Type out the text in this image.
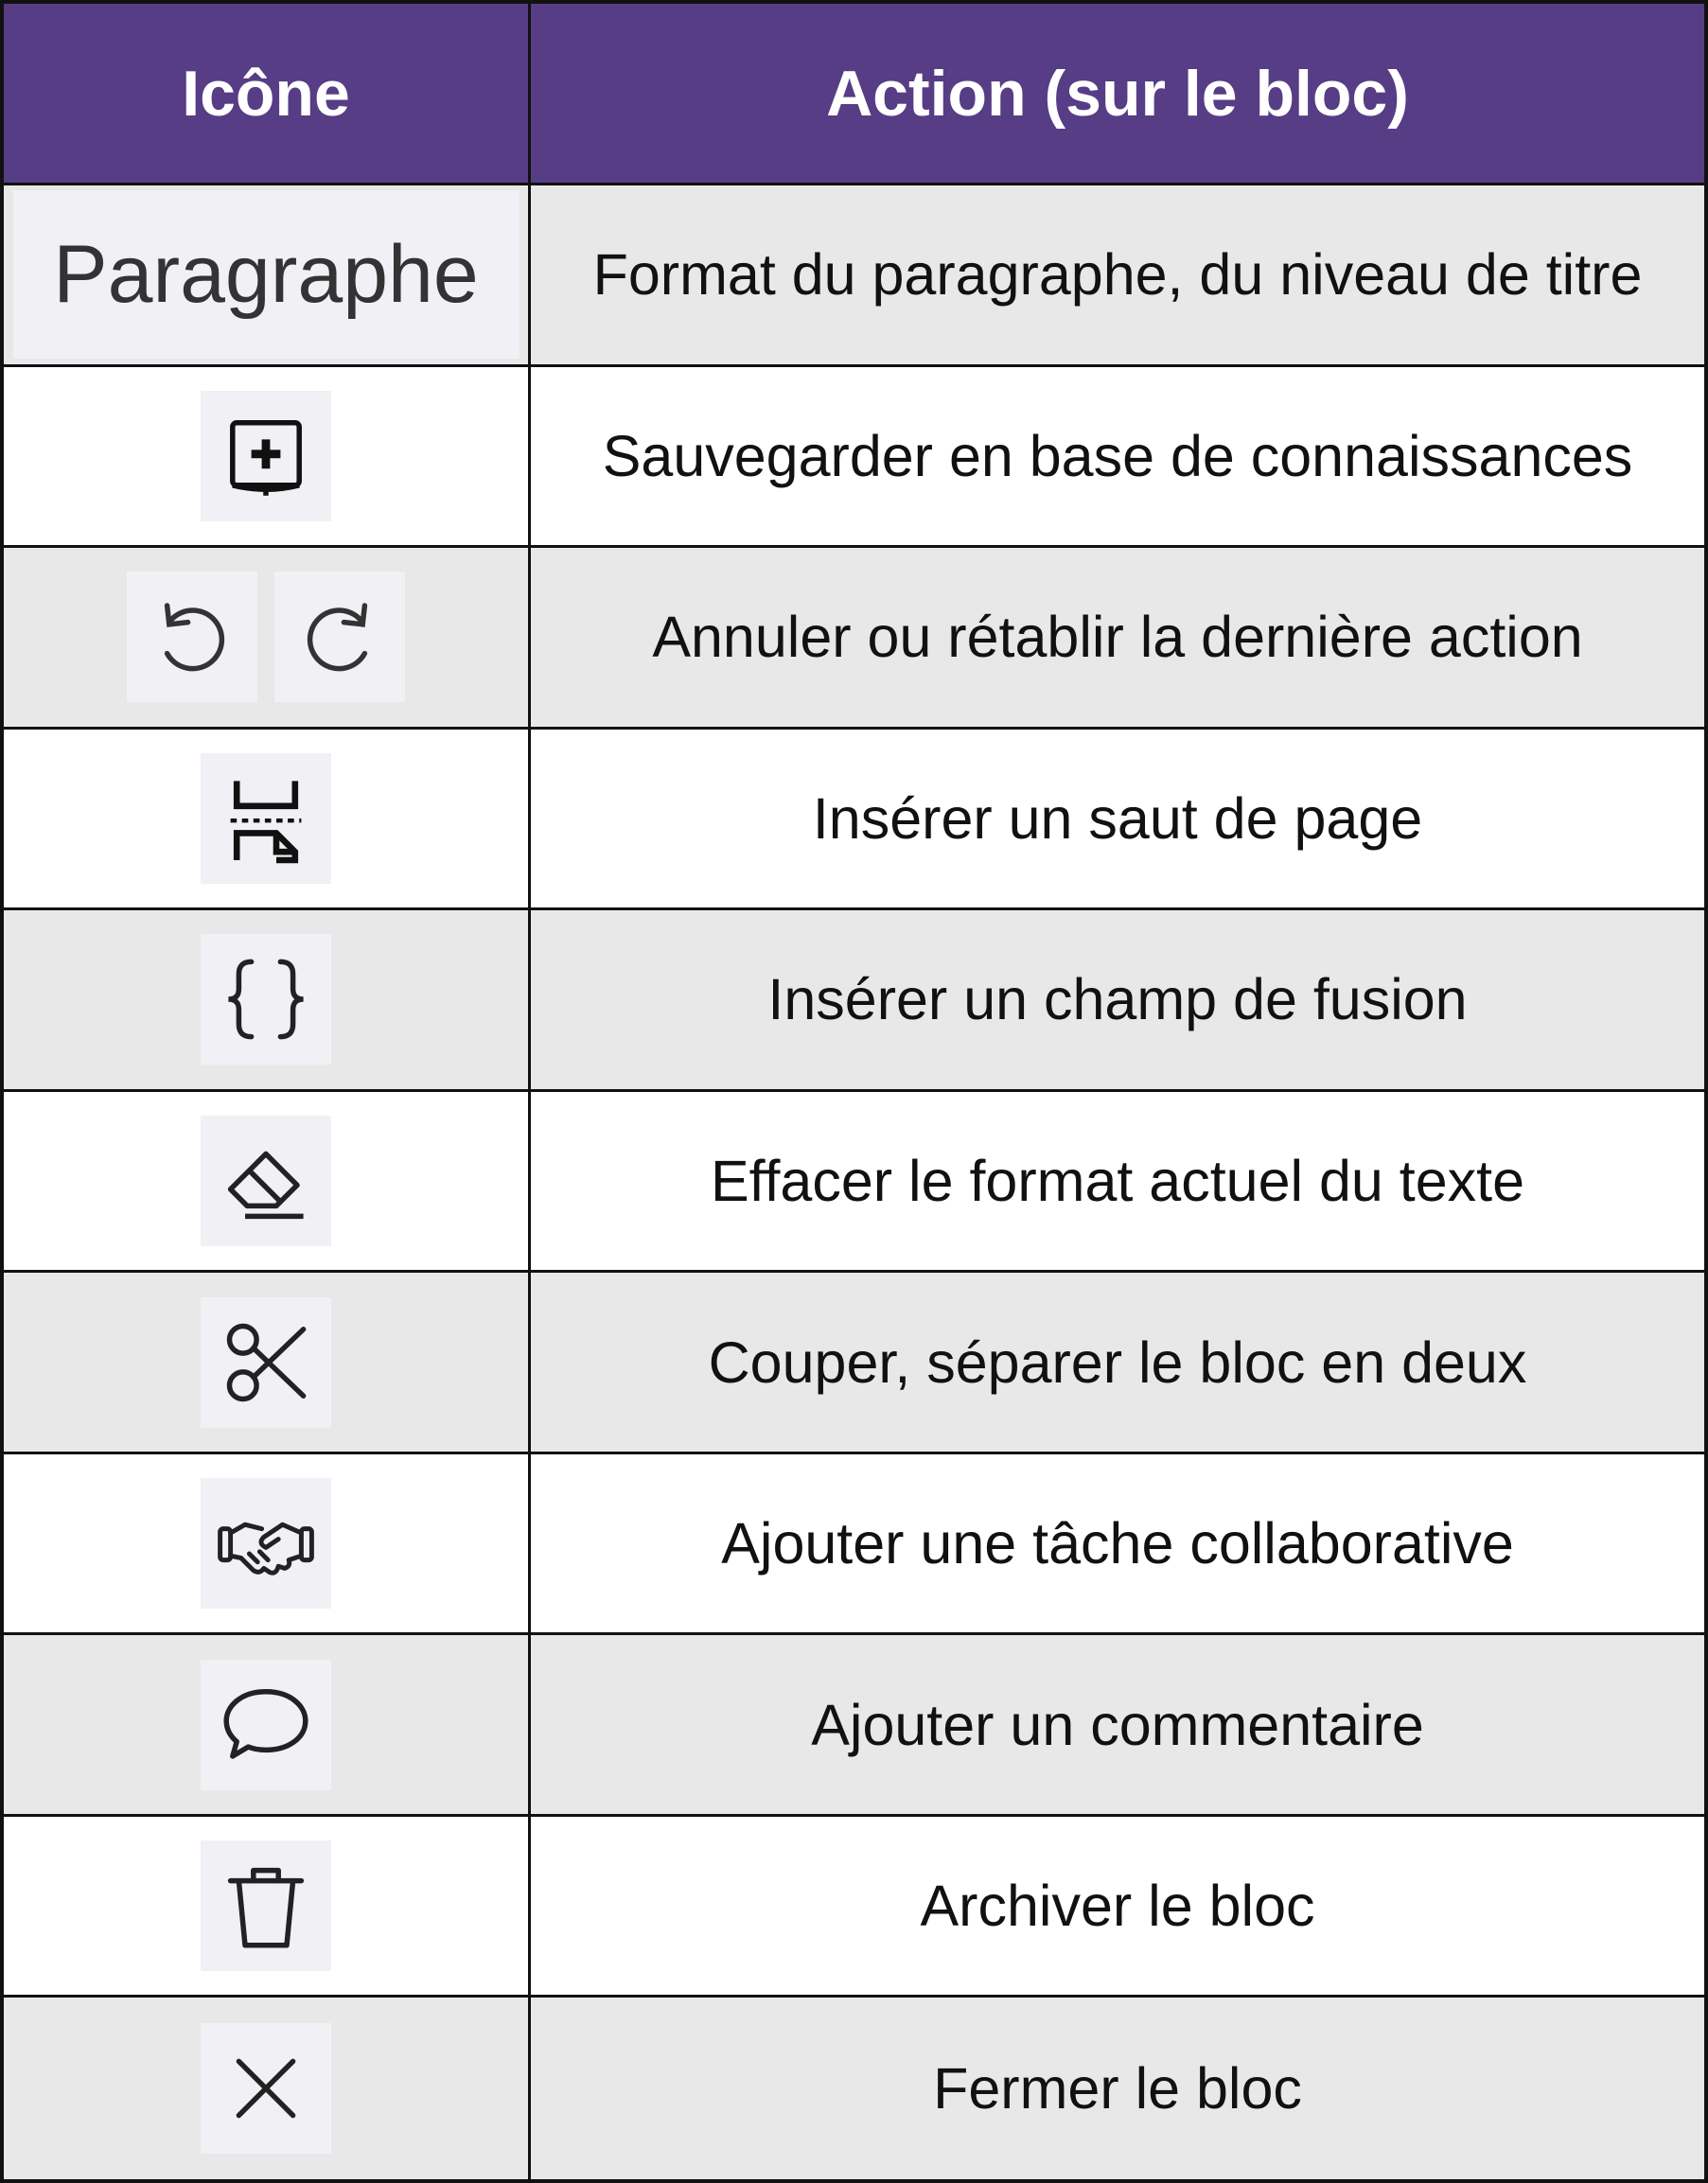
Icône	Action (sur le bloc)
Paragraphe Format du paragraphe, du niveau de titre
Sauvegarder en base de connaissances
Annuler ou rétablir la dernière action
Insérer un saut de page
Insérer un champ de fusion
Effacer le format actuel du texte
Couper, séparer le bloc en deux
Ajouter une tâche collaborative
Ajouter un commentaire
Archiver le bloc
Fermer le bloc
